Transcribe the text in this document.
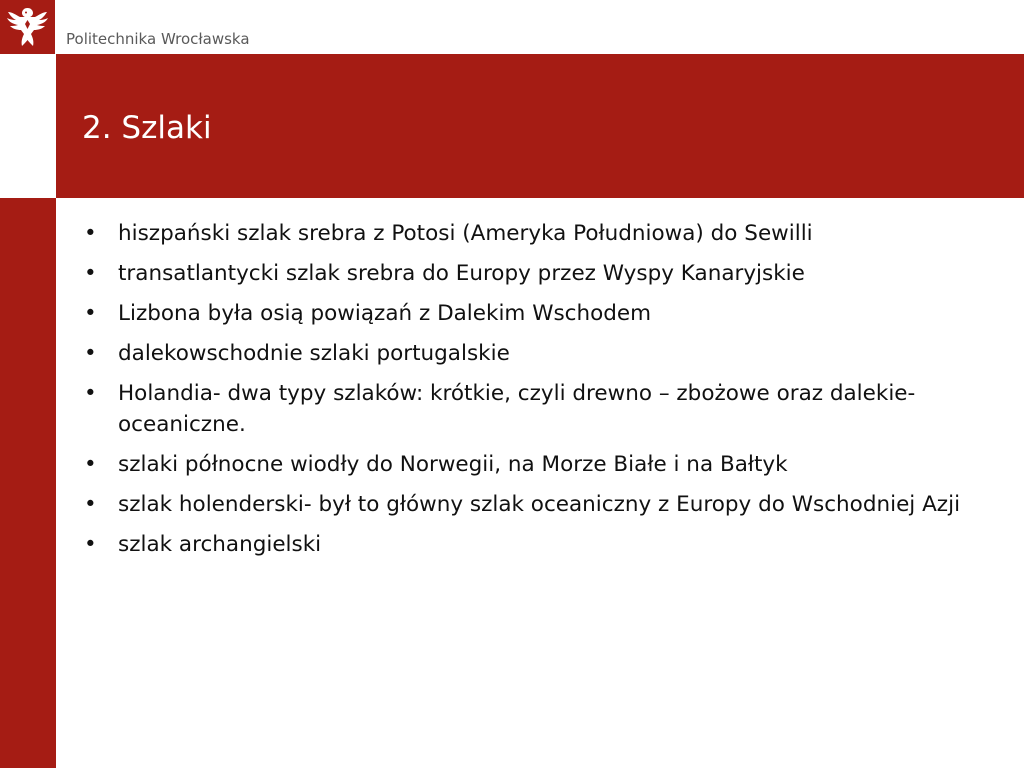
Politechnika Wrocławska
2. Szlaki
• hiszpański szlak srebra z Potosi (Ameryka Południowa) do Sewilli
• transatlantycki szlak srebra do Europy przez Wyspy Kanaryjskie
• Lizbona była osią powiązań z Dalekim Wschodem
• dalekowschodnie szlaki portugalskie
• Holandia- dwa typy szlaków: krótkie, czyli drewno – zbożowe oraz dalekie- oceaniczne.
• szlaki północne wiodły do Norwegii, na Morze Białe i na Bałtyk
• szlak holenderski- był to główny szlak oceaniczny z Europy do Wschodniej Azji
• szlak archangielski
